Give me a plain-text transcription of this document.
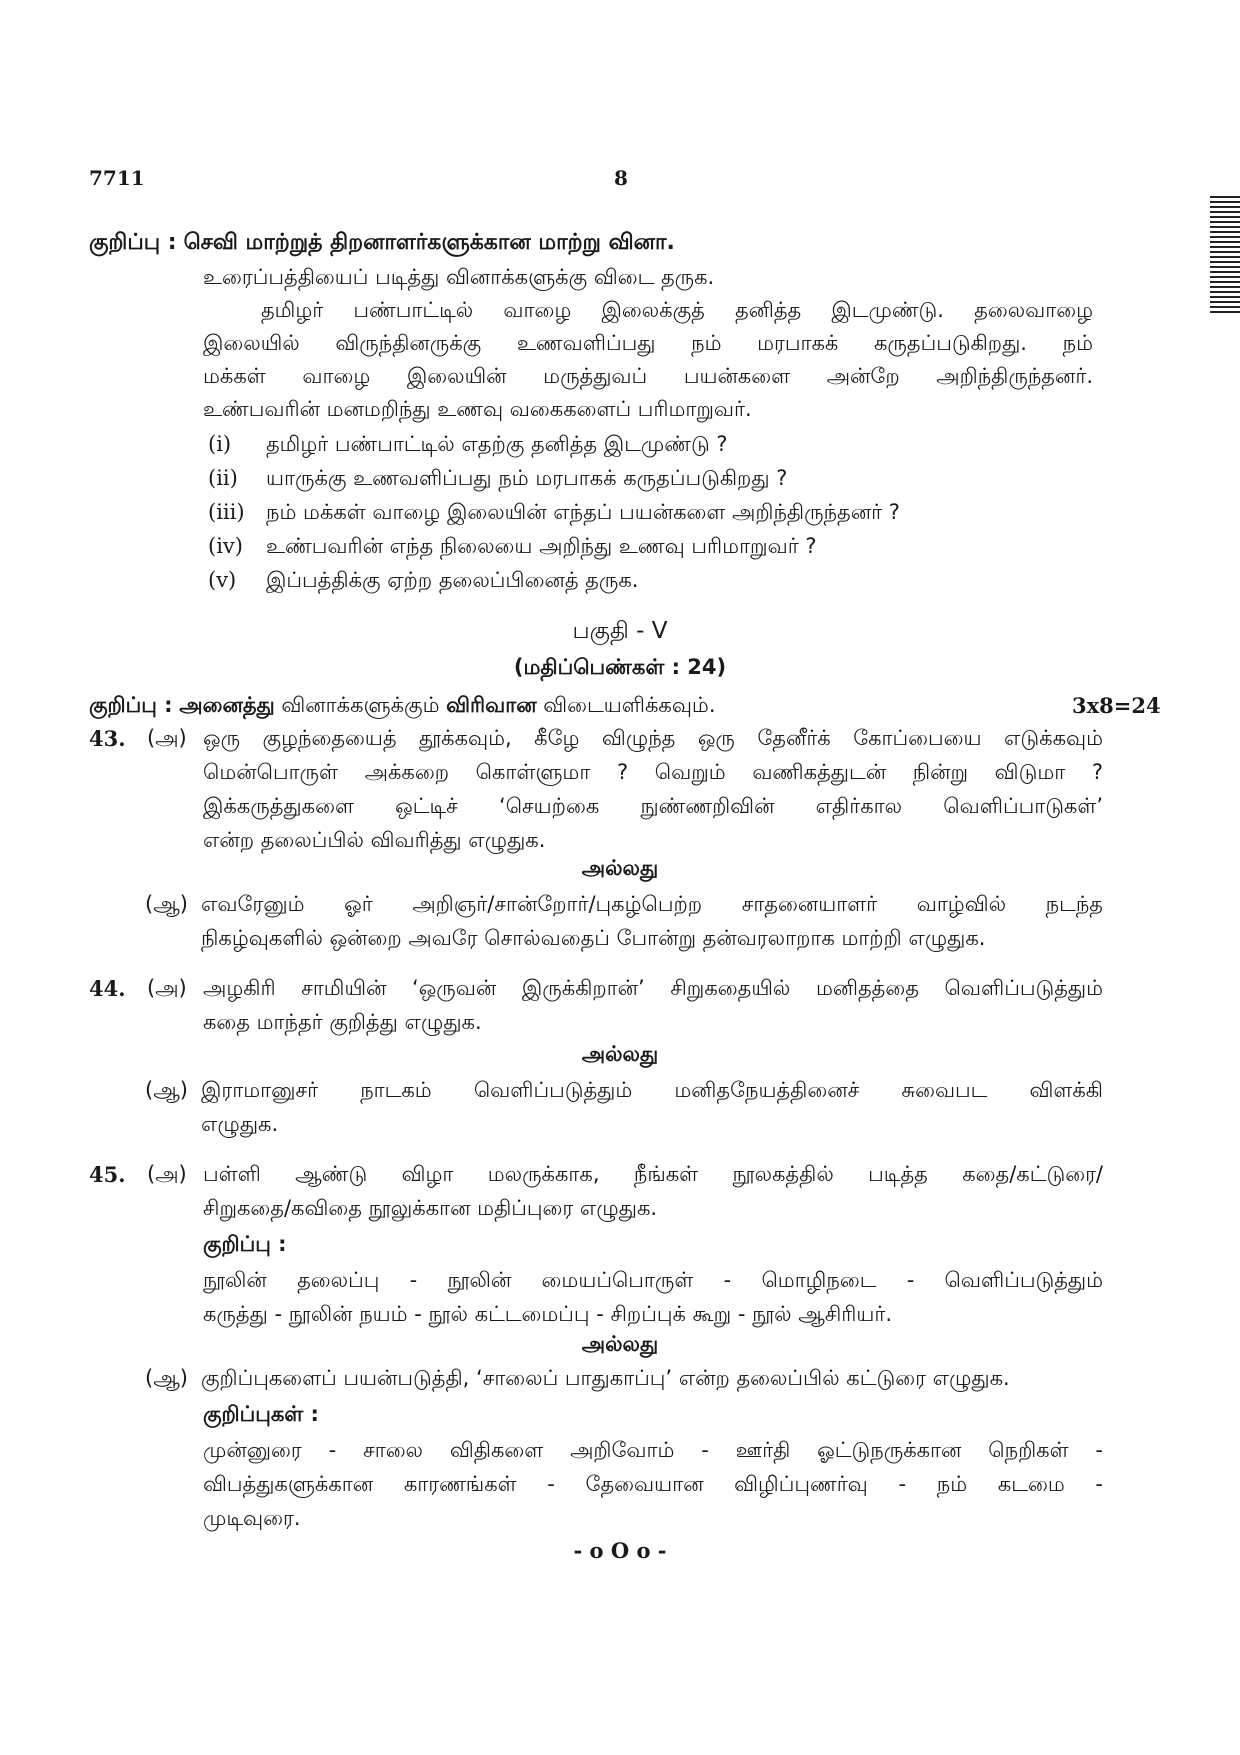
7711	8
குறிப்பு : செவி மாற்றுத் திறனாளர்களுக்கான மாற்று வினா.
உரைப்பத்தியைப் படித்து வினாக்களுக்கு விடை தருக.
தமிழர் பண்பாட்டில் வாழை இலைக்குத் தனித்த இடமுண்டு. தலைவாழை
இலையில் விருந்தினருக்கு உணவளிப்பது நம் மரபாகக் கருதப்படுகிறது. நம்
மக்கள் வாழை இலையின் மருத்துவப் பயன்களை அன்றே அறிந்திருந்தனர்.
உண்பவரின் மனமறிந்து உணவு வகைகளைப் பரிமாறுவர்.
(i) தமிழர் பண்பாட்டில் எதற்கு தனித்த இடமுண்டு ?
(ii) யாருக்கு உணவளிப்பது நம் மரபாகக் கருதப்படுகிறது ?
(iii) நம் மக்கள் வாழை இலையின் எந்தப் பயன்களை அறிந்திருந்தனர் ?
(iv) உண்பவரின் எந்த நிலையை அறிந்து உணவு பரிமாறுவர் ?
(v) இப்பத்திக்கு ஏற்ற தலைப்பினைத் தருக.
பகுதி - V
(மதிப்பெண்கள் : 24)
குறிப்பு : அனைத்து வினாக்களுக்கும் விரிவான விடையளிக்கவும்.	3x8=24
43.	(அ) ஒரு குழந்தையைத் தூக்கவும், கீழே விழுந்த ஒரு தேனீர்க் கோப்பையை எடுக்கவும்
மென்பொருள் அக்கறை கொள்ளுமா ? வெறும் வணிகத்துடன் நின்று விடுமா ?
இக்கருத்துகளை ஒட்டிச் ‘செயற்கை நுண்ணறிவின் எதிர்கால வெளிப்பாடுகள்’
என்ற தலைப்பில் விவரித்து எழுதுக.
அல்லது
(ஆ) எவரேனும் ஓர் அறிஞர்/சான்றோர்/புகழ்பெற்ற சாதனையாளர் வாழ்வில் நடந்த
நிகழ்வுகளில் ஒன்றை அவரே சொல்வதைப் போன்று தன்வரலாறாக மாற்றி எழுதுக.
44.	(அ) அழகிரி சாமியின் ‘ஒருவன் இருக்கிறான்’ சிறுகதையில் மனிதத்தை வெளிப்படுத்தும்
கதை மாந்தர் குறித்து எழுதுக.
அல்லது
(ஆ) இராமானுசர் நாடகம் வெளிப்படுத்தும் மனிதநேயத்தினைச் சுவைபட விளக்கி
எழுதுக.
45.	(அ) பள்ளி ஆண்டு விழா மலருக்காக, நீங்கள் நூலகத்தில் படித்த கதை/கட்டுரை/
சிறுகதை/கவிதை நூலுக்கான மதிப்புரை எழுதுக.
குறிப்பு :
நூலின் தலைப்பு - நூலின் மையப்பொருள் - மொழிநடை - வெளிப்படுத்தும்
கருத்து - நூலின் நயம் - நூல் கட்டமைப்பு - சிறப்புக் கூறு - நூல் ஆசிரியர்.
அல்லது
(ஆ) குறிப்புகளைப் பயன்படுத்தி, ‘சாலைப் பாதுகாப்பு’ என்ற தலைப்பில் கட்டுரை எழுதுக.
குறிப்புகள் :
முன்னுரை - சாலை விதிகளை அறிவோம் - ஊர்தி ஓட்டுநருக்கான நெறிகள் -
விபத்துகளுக்கான காரணங்கள் - தேவையான விழிப்புணர்வு - நம் கடமை -
முடிவுரை.
- o O o -
